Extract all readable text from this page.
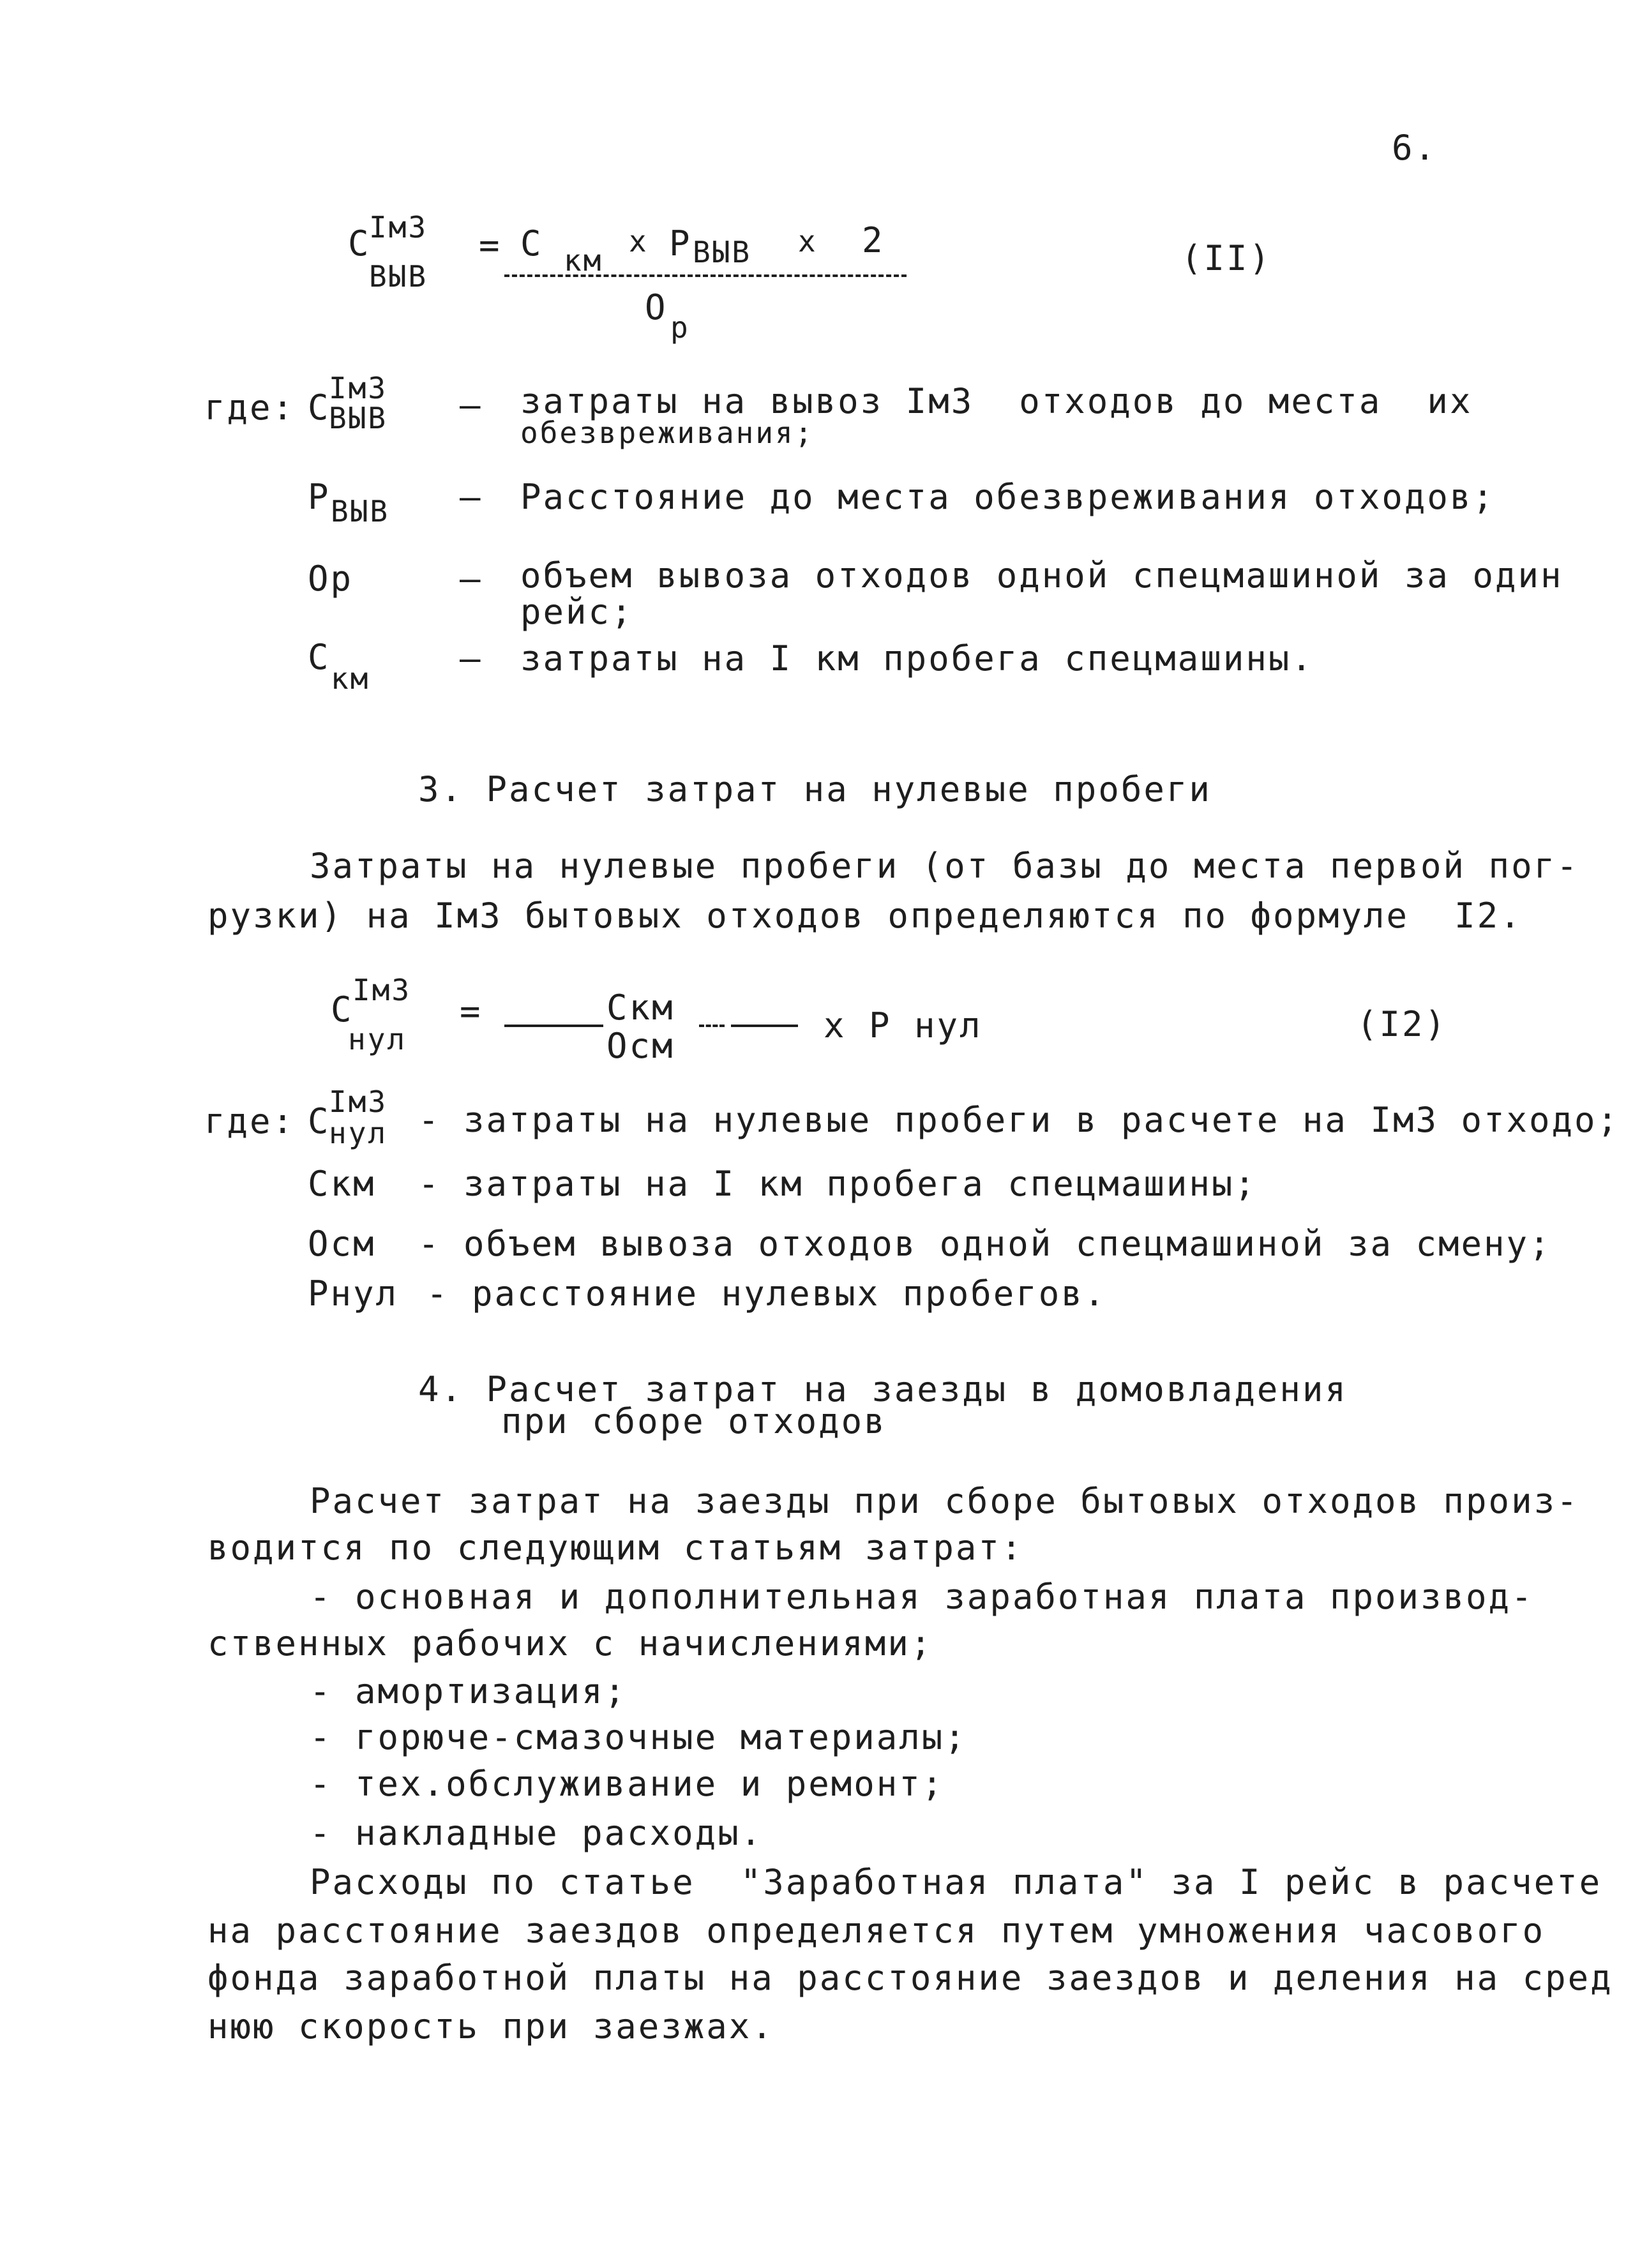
6.
C
Iм3
ВЫВ
= C км
x P ВЫВ x 2
O p
(II)
где: C
Iм3
ВЫВ – затраты на вывоз Iм3  отходов до места  их
обезвреживания;
P ВЫВ – Расстояние до места обезвреживания отходов;
Oр	– объем вывоза отходов одной спецмашиной за один
рейс;
C
км	– затраты на I км пробега спецмашины.
3. Расчет затрат на нулевые пробеги
Затраты на нулевые пробеги (от базы до места первой пог-
рузки) на Iм3 бытовых отходов определяются по формуле  I2.
C
Iм3
нул
=	Скм
Осм
x P нул	(I2)
где: C
Iм3
нул - затраты на нулевые пробеги в расчете на Iм3 отходо;
Скм - затраты на I км пробега спецмашины;
Осм - объем вывоза отходов одной спецмашиной за смену;
Рнул - расстояние нулевых пробегов.
4. Расчет затрат на заезды в домовладения
при сборе отходов
Расчет затрат на заезды при сборе бытовых отходов произ-
водится по следующим статьям затрат:
- основная и дополнительная заработная плата производ-
ственных рабочих с начислениями;
- амортизация;
- горюче-смазочные материалы;
- тех.обслуживание и ремонт;
- накладные расходы.
Расходы по статье  "Заработная плата" за I рейс в расчете
на расстояние заездов определяется путем умножения часового
фонда заработной платы на расстояние заездов и деления на сред
нюю скорость при заезжах.
